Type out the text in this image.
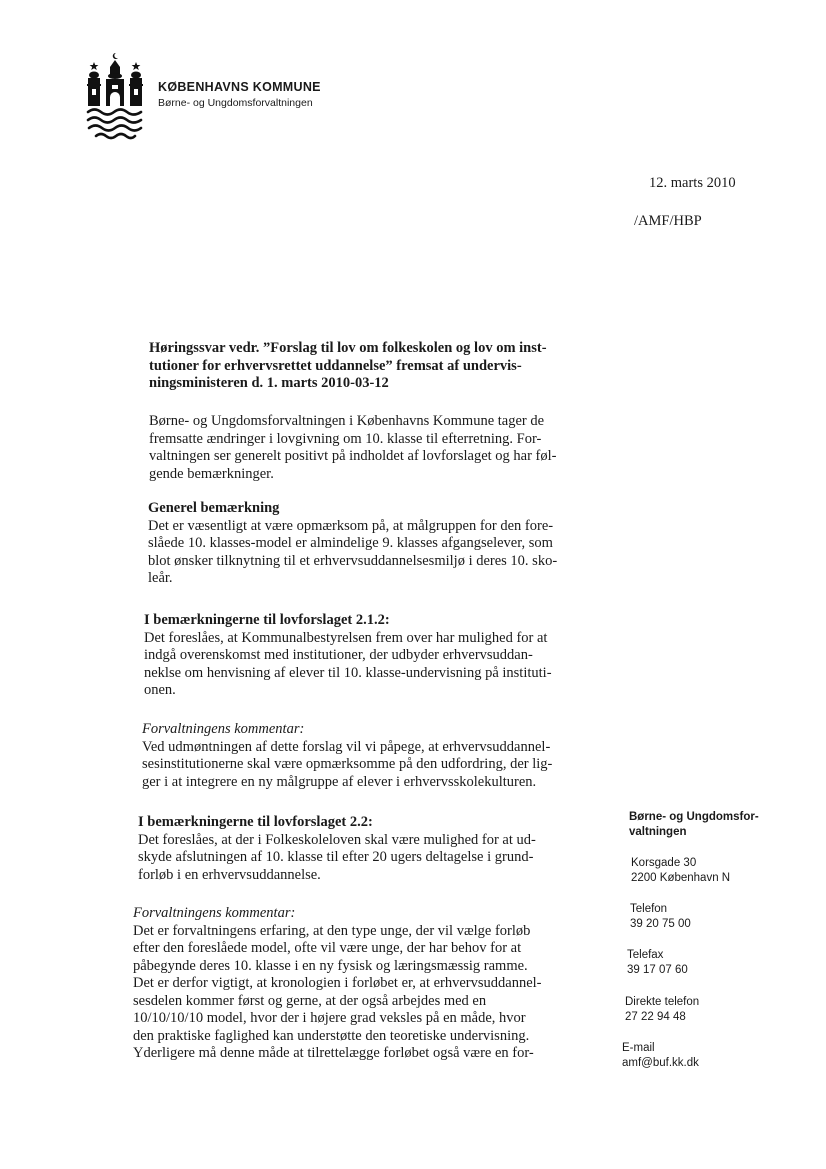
KØBENHAVNS KOMMUNE
Børne- og Ungdomsforvaltningen
12. marts 2010
/AMF/HBP
Høringssvar vedr. ”Forslag til lov om folkeskolen og lov om inst-
tutioner for erhvervsrettet uddannelse” fremsat af undervis-
ningsministeren d. 1. marts 2010-03-12
Børne- og Ungdomsforvaltningen i Københavns Kommune tager de
fremsatte ændringer i lovgivning om 10. klasse til efterretning. For-
valtningen ser generelt positivt på indholdet af lovforslaget og har føl-
gende bemærkninger.
Generel bemærkning
Det er væsentligt at være opmærksom på, at målgruppen for den fore-
slåede 10. klasses-model er almindelige 9. klasses afgangselever, som
blot ønsker tilknytning til et erhvervsuddannelsesmiljø i deres 10. sko-
leår.
I bemærkningerne til lovforslaget 2.1.2:
Det foreslåes, at Kommunalbestyrelsen frem over har mulighed for at
indgå overenskomst med institutioner, der udbyder erhvervsuddan-
neklse om henvisning af elever til 10. klasse-undervisning på instituti-
onen.
Forvaltningens kommentar:
Ved udmøntningen af dette forslag vil vi påpege, at erhvervsuddannel-
sesinstitutionerne skal være opmærksomme på den udfordring, der lig-
ger i at integrere en ny målgruppe af elever i erhvervsskolekulturen.
I bemærkningerne til lovforslaget 2.2:
Det foreslåes, at der i Folkeskoleloven skal være mulighed for at ud-
skyde afslutningen af 10. klasse til efter 20 ugers deltagelse i grund-
forløb i en erhvervsuddannelse.
Forvaltningens kommentar:
Det er forvaltningens erfaring, at den type unge, der vil vælge forløb
efter den foreslåede model, ofte vil være unge, der har behov for at
påbegynde deres 10. klasse i en ny fysisk og læringsmæssig ramme.
Det er derfor vigtigt, at kronologien i forløbet er, at erhvervsuddannel-
sesdelen kommer først og gerne, at der også arbejdes med en
10/10/10/10 model, hvor der i højere grad veksles på en måde, hvor
den praktiske faglighed kan understøtte den teoretiske undervisning.
Yderligere må denne måde at tilrettelægge forløbet også være en for-
Børne- og Ungdomsfor-
valtningen
Korsgade 30
2200 København N
Telefon
39 20 75 00
Telefax
39 17 07 60
Direkte telefon
27 22 94 48
E-mail
amf@buf.kk.dk
